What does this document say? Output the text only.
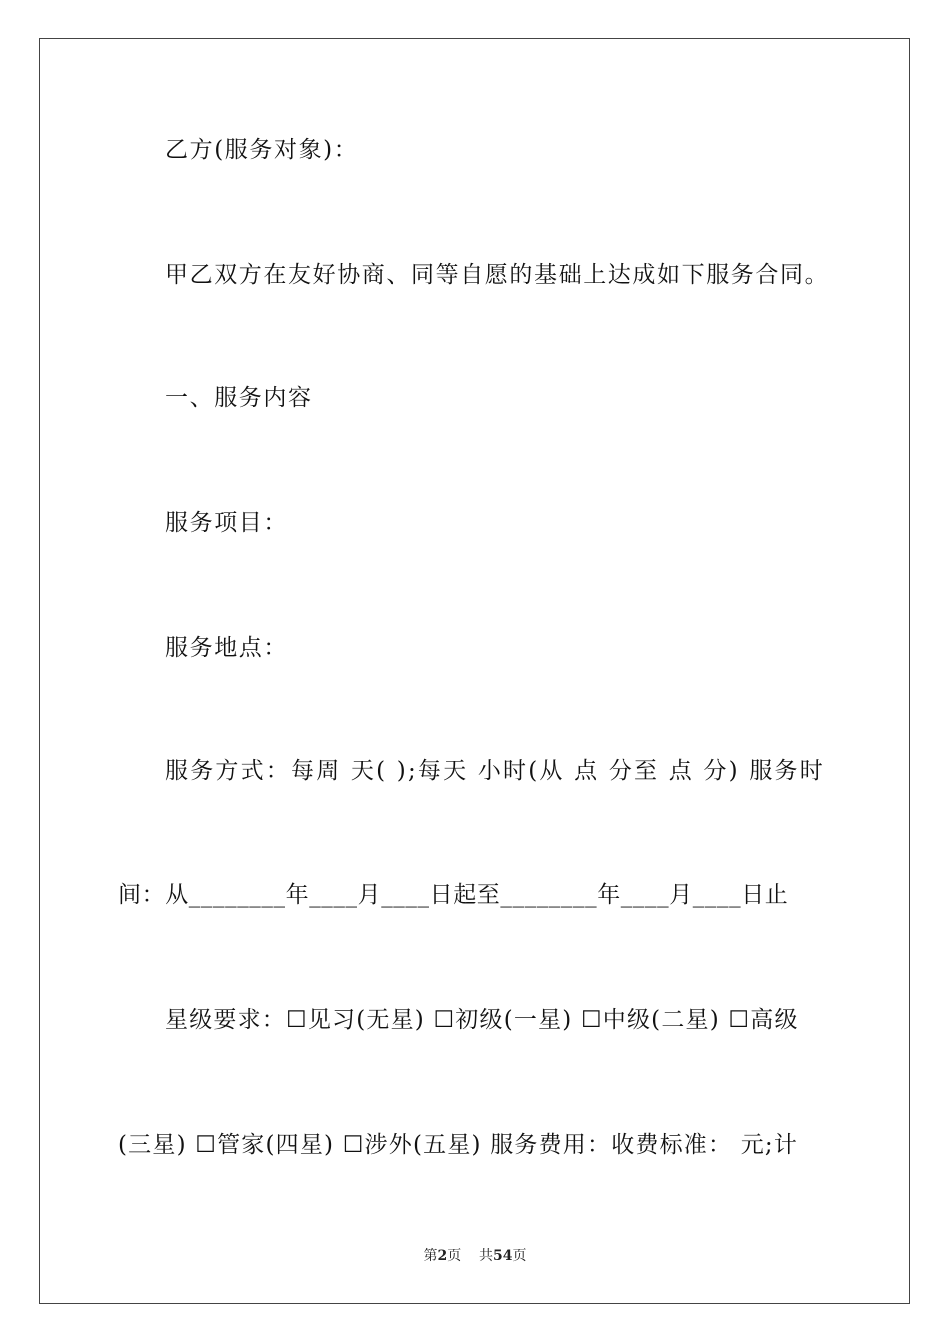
乙方(服务对象)：
甲乙双方在友好协商、同等自愿的基础上达成如下服务合同。
一、服务内容
服务项目：
服务地点：
服务方式：每周 天( );每天 小时(从 点 分至 点 分) 服务时
间：从________年____月____日起至________年____月____日止
星级要求：☐见习(无星) ☐初级(一星) ☐中级(二星) ☐高级
(三星) ☐管家(四星) ☐涉外(五星) 服务费用：收费标准： 元;计
第2页 共54页
